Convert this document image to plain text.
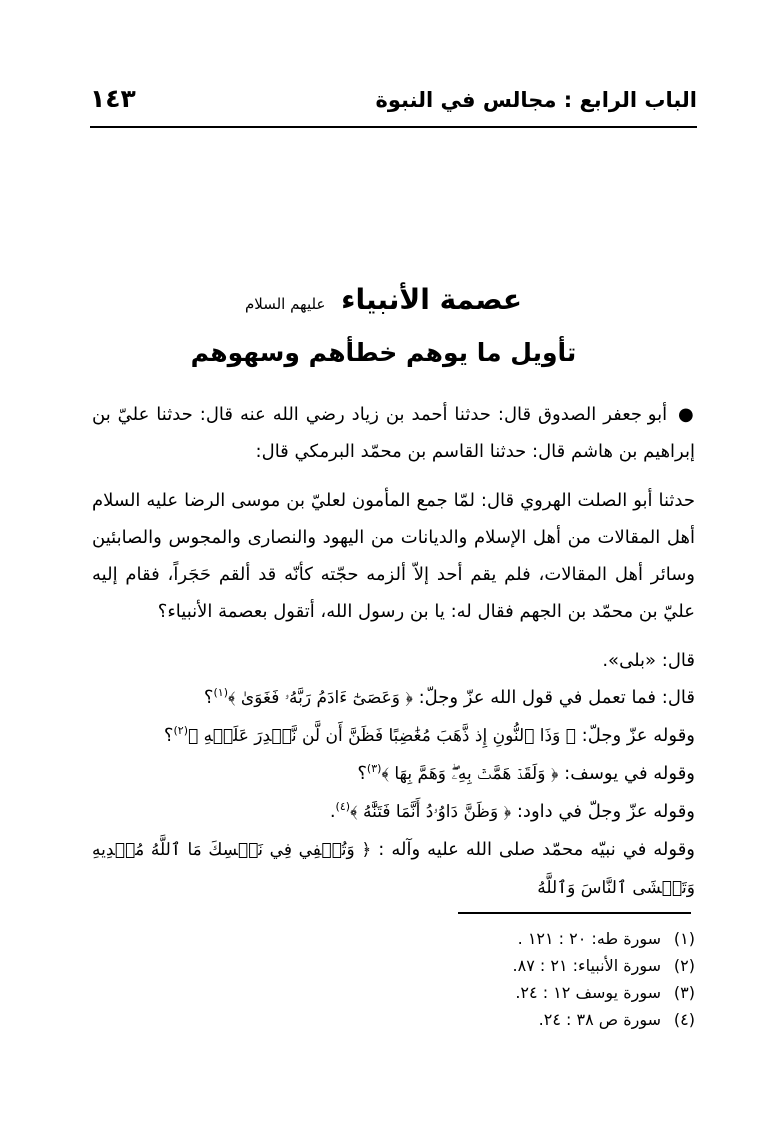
الباب الرابع : مجالس في النبوة
١٤٣
عصمة الأنبياء عليهم السلام
تأويل ما يوهم خطأهم وسهوهم

● أبو جعفر الصدوق قال: حدثنا أحمد بن زياد رضي الله عنه قال: حدثنا عليّ بن إبراهيم بن هاشم قال: حدثنا القاسم بن محمّد البرمكي قال:

حدثنا أبو الصلت الهروي قال: لمّا جمع المأمون لعليّ بن موسى الرضا عليه السلام أهل المقالات من أهل الإسلام والديانات من اليهود والنصارى والمجوس والصابئين وسائر أهل المقالات، فلم يقم أحد إلاّ ألزمه حجّته كأنّه قد ألقم حَجَراً، فقام إليه عليّ بن محمّد بن الجهم فقال له: يا بن رسول الله، أتقول بعصمة الأنبياء؟

قال: «بلى».

قال: فما تعمل في قول الله عزّ وجلّ: ﴿ وَعَصَىٰٓ ءَادَمُ رَبَّهُۥ فَغَوَىٰ ﴾$^{(١)}$؟

وقوله عزّ وجلّ: ﴿ وَذَا ٱلنُّونِ إِذ ذَّهَبَ مُغَٰضِبًا فَظَنَّ أَن لَّن نَّقۡدِرَ عَلَيۡهِ ﴾$^{(٢)}$؟

وقوله في يوسف: ﴿ وَلَقَدۡ هَمَّتۡ بِهِۦۖ وَهَمَّ بِهَا ﴾$^{(٣)}$؟

وقوله عزّ وجلّ في داود: ﴿ وَظَنَّ دَاوُۥدُ أَنَّمَا فَتَنَّٰهُ ﴾$^{(٤)}$.

وقوله في نبيّه محمّد صلى الله عليه وآله : ﴿ وَتُخۡفِي فِي نَفۡسِكَ مَا ٱللَّهُ مُبۡدِيهِ وَتَخۡشَى ٱلنَّاسَ وَٱللَّهُ

(١)
سورة طه: ٢٠ : ١٢١ .
(٢)
سورة الأنبياء: ٢١ : ٨٧.
(٣)
سورة يوسف ١٢ : ٢٤.
(٤)
سورة ص ٣٨ : ٢٤.
